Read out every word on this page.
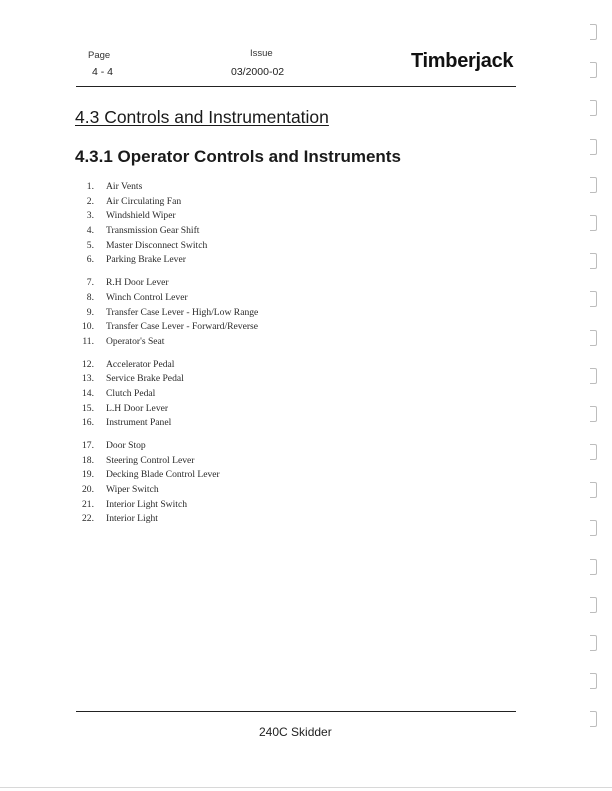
Page
4 - 4
Issue
03/2000-02	Timberjack
4.3 Controls and Instrumentation
4.3.1 Operator Controls and Instruments
1. Air Vents
2. Air Circulating Fan
3. Windshield Wiper
4. Transmission Gear Shift
5. Master Disconnect Switch
6. Parking Brake Lever
7. R.H Door Lever
8. Winch Control Lever
9. Transfer Case Lever - High/Low Range
10. Transfer Case Lever - Forward/Reverse
11. Operator's Seat
12. Accelerator Pedal
13. Service Brake Pedal
14. Clutch Pedal
15. L.H Door Lever
16. Instrument Panel
17. Door Stop
18. Steering Control Lever
19. Decking Blade Control Lever
20. Wiper Switch
21. Interior Light Switch
22. Interior Light
240C Skidder
